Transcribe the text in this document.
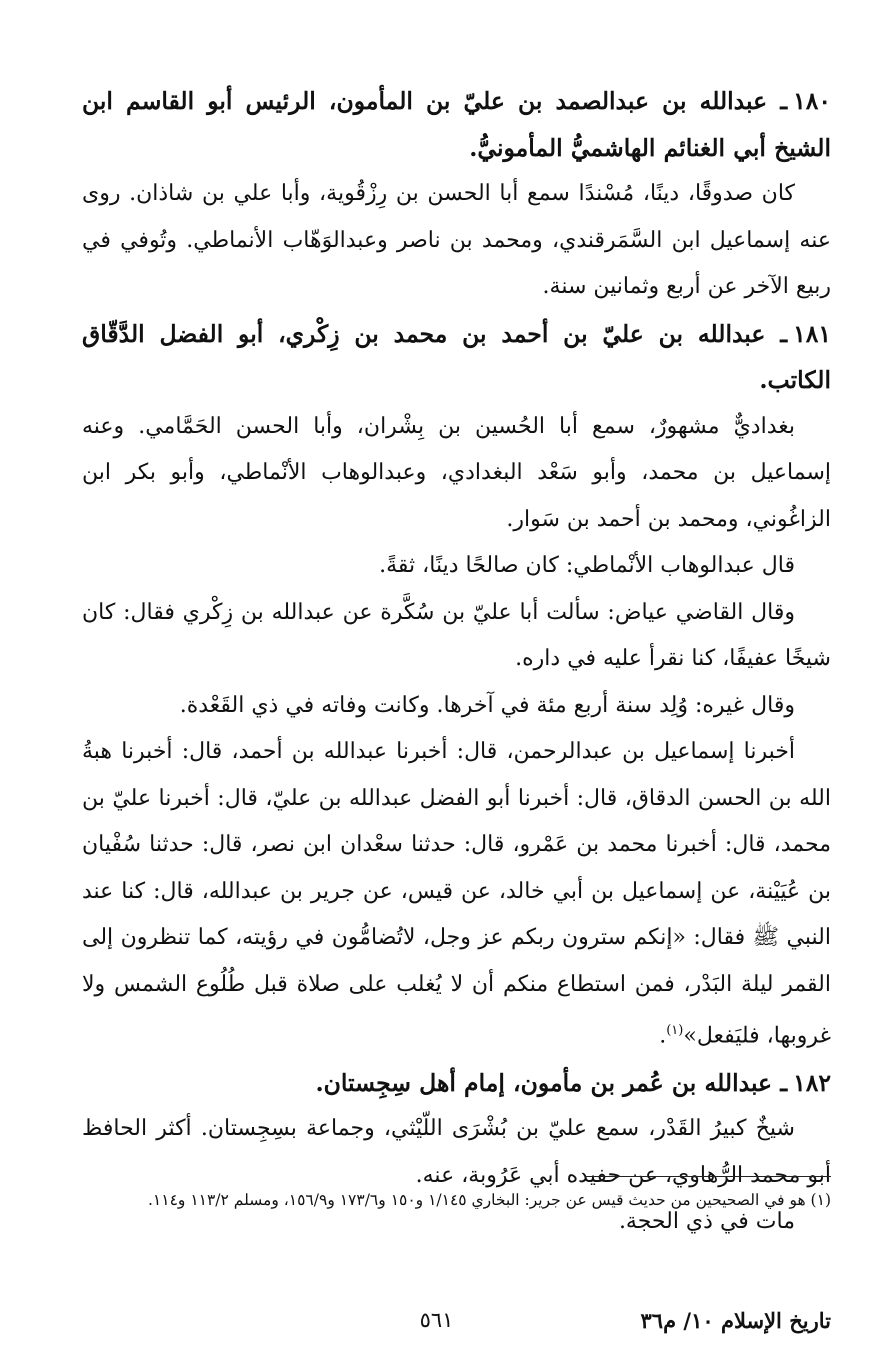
١٨٠ـ عبدالله بن عبدالصمد بن عليّ بن المأمون، الرئيس أبو القاسم ابن الشيخ أبي الغنائم الهاشميُّ المأمونيُّ.
كان صدوقًا، دينًا، مُسْندًا سمع أبا الحسن بن رِزْقُوية، وأبا علي بن شاذان. روى عنه إسماعيل ابن السَّمَرقندي، ومحمد بن ناصر وعبدالوَهّاب الأنماطي. وتُوفي في ربيع الآخر عن أربع وثمانين سنة.
١٨١ـ عبدالله بن عليّ بن أحمد بن محمد بن زِكْري، أبو الفضل الدَّقّاق الكاتب.
بغداديٌّ مشهورٌ، سمع أبا الحُسين بن بِشْران، وأبا الحسن الحَمَّامي. وعنه إسماعيل بن محمد، وأبو سَعْد البغدادي، وعبدالوهاب الأنْماطي، وأبو بكر ابن الزاغُوني، ومحمد بن أحمد بن سَوار.
قال عبدالوهاب الأنْماطي: كان صالحًا دينًا، ثقةً.
وقال القاضي عياض: سألت أبا عليّ بن سُكَّرة عن عبدالله بن زِكْري فقال: كان شيخًا عفيفًا، كنا نقرأ عليه في داره.
وقال غيره: وُلِد سنة أربع مئة في آخرها. وكانت وفاته في ذي القَعْدة.
أخبرنا إسماعيل بن عبدالرحمن، قال: أخبرنا عبدالله بن أحمد، قال: أخبرنا هبةُ الله بن الحسن الدقاق، قال: أخبرنا أبو الفضل عبدالله بن عليّ، قال: أخبرنا عليّ بن محمد، قال: أخبرنا محمد بن عَمْرو، قال: حدثنا سعْدان ابن نصر، قال: حدثنا سُفْيان بن عُيَيْنة، عن إسماعيل بن أبي خالد، عن قيس، عن جرير بن عبدالله، قال: كنا عند النبي ﷺ فقال: «إنكم سترون ربكم عز وجل، لاتُضامُّون في رؤيته، كما تنظرون إلى القمر ليلة البَدْر، فمن استطاع منكم أن لا يُغلب على صلاة قبل طُلُوع الشمس ولا غروبها، فليَفعل»$^{(١)}$.
١٨٢ـ عبدالله بن عُمر بن مأمون، إمام أهل سِجِستان.
شيخٌ كبيرُ القَدْر، سمع عليّ بن بُشْرَى اللّيْثي، وجماعة بسِجِستان. أكثر الحافظ أبو محمد الرُّهاوي، عن حفيده أبي عَرُوبة، عنه.
مات في ذي الحجة.
(١) هو في الصحيحين من حديث قيس عن جرير: البخاري ١/١٤٥ و١٥٠ و١٧٣/٦ و١٥٦/٩، ومسلم ١١٣/٢ و١١٤.
تاريخ الإسلام ١٠/ م٣٦
٥٦١
